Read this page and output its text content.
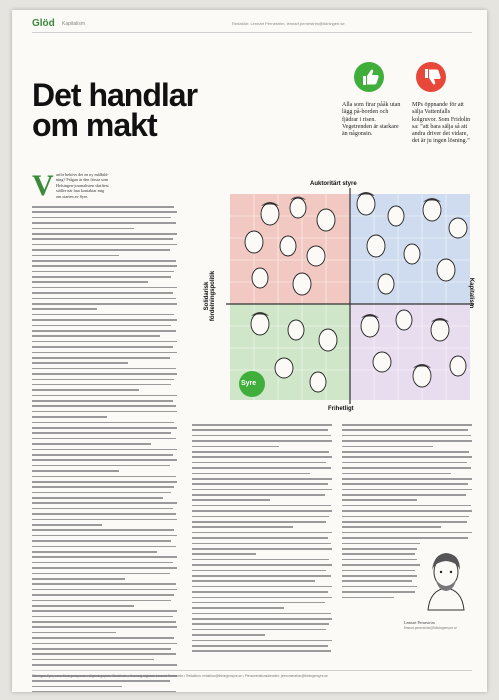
Glöd Kapitalism	Redaktör: Lennart Pernestrim, lennart.pernestrim@tidningen.se
Det handlar om makt
Alla som firar pååk utan lägg på-borden och fjädrar i risen. Vegetrenden är starkare än någonsin.
MPs öppnande för att sälja Vattenfalls kolgruvor. Som Fridolin sa: ”att bara sälja så att andra driver det vidare, det är ju ingen lösning.”
V arför behövs det en ny målbild-
ning? Frågan är den första som
Helsingen-journalisten skriftest
ställer när han kontaktar mig
om starten av Syre.
Auktoritärt styre
Frihetligt
Solidarisk fördelningspolitik	Kapitalism
Syre
Lennart Pernestrim
lennart.pernestrim@tidningensyre.se
Tidningen Syre, www.tidningensyre.se • Utgivningsplats: Stockholm • Ansvarig utgivare: Lennart Pernestrim • Redaktion: redaktion@tidningensyre.se • Prenumerationsärenden: prenumeration@tidningensyre.se
